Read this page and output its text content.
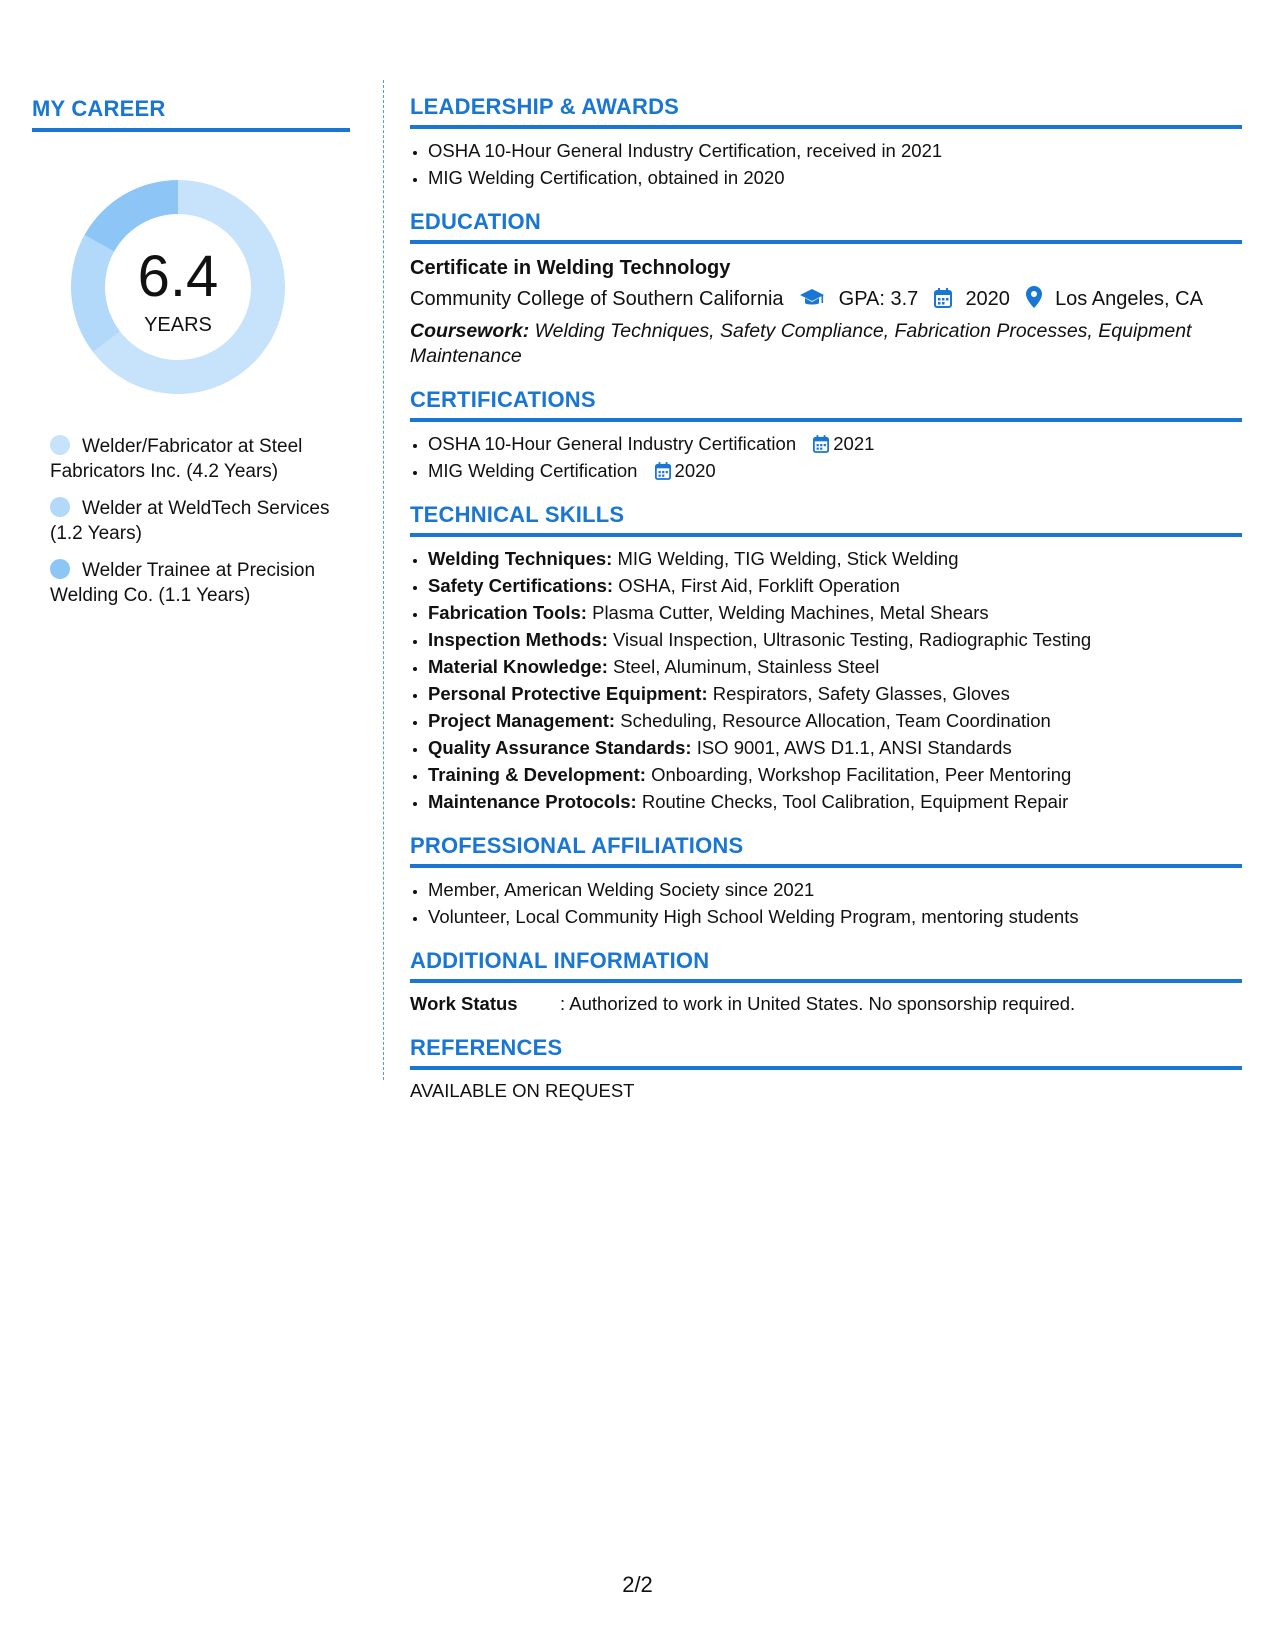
MY CAREER
6.4
YEARS
Welder/Fabricator at Steel Fabricators Inc. (4.2 Years)
Welder at WeldTech Services (1.2 Years)
Welder Trainee at Precision Welding Co. (1.1 Years)
LEADERSHIP & AWARDS
• OSHA 10-Hour General Industry Certification, received in 2021
• MIG Welding Certification, obtained in 2020
EDUCATION
Certificate in Welding Technology
Community College of Southern California	GPA: 3.7 2020 Los Angeles, CA
Coursework: Welding Techniques, Safety Compliance, Fabrication Processes, Equipment Maintenance
CERTIFICATIONS
• OSHA 10-Hour General Industry Certification 2021
• MIG Welding Certification 2020
TECHNICAL SKILLS
• Welding Techniques: MIG Welding, TIG Welding, Stick Welding
• Safety Certifications: OSHA, First Aid, Forklift Operation
• Fabrication Tools: Plasma Cutter, Welding Machines, Metal Shears
• Inspection Methods: Visual Inspection, Ultrasonic Testing, Radiographic Testing
• Material Knowledge: Steel, Aluminum, Stainless Steel
• Personal Protective Equipment: Respirators, Safety Glasses, Gloves
• Project Management: Scheduling, Resource Allocation, Team Coordination
• Quality Assurance Standards: ISO 9001, AWS D1.1, ANSI Standards
• Training & Development: Onboarding, Workshop Facilitation, Peer Mentoring
• Maintenance Protocols: Routine Checks, Tool Calibration, Equipment Repair
PROFESSIONAL AFFILIATIONS
• Member, American Welding Society since 2021
• Volunteer, Local Community High School Welding Program, mentoring students
ADDITIONAL INFORMATION
Work Status : Authorized to work in United States. No sponsorship required.
REFERENCES
AVAILABLE ON REQUEST
2/2
